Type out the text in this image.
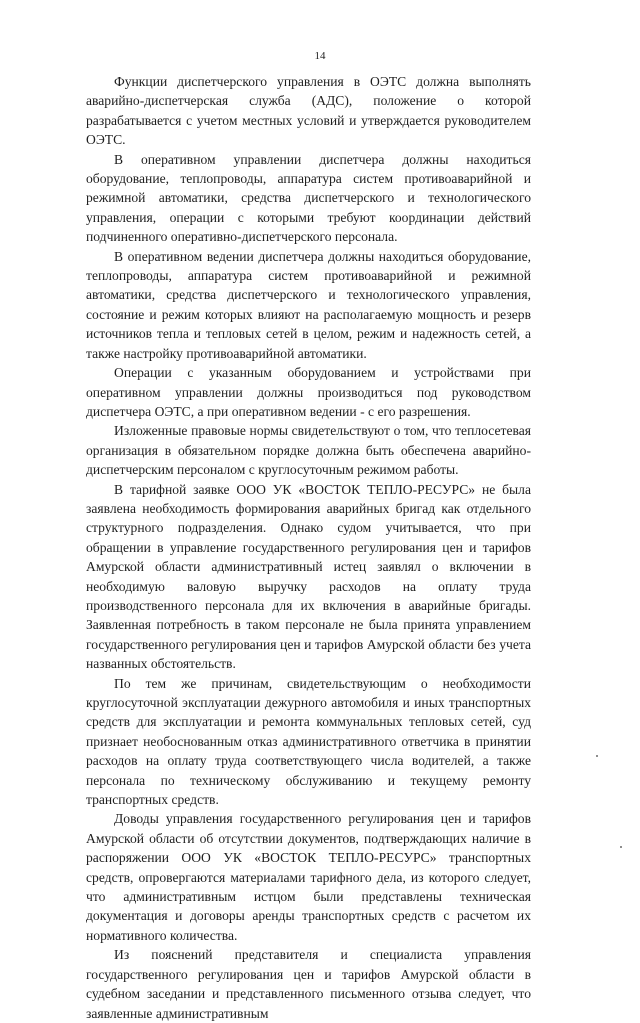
14

Функции диспетчерского управления в ОЭТС должна выполнять аварийно-диспетчерская служба (АДС), положение о которой разрабатывается с учетом местных условий и утверждается руководителем ОЭТС.

В оперативном управлении диспетчера должны находиться оборудование, теплопроводы, аппаратура систем противоаварийной и режимной автоматики, средства диспетчерского и технологического управления, операции с которыми требуют координации действий подчиненного оперативно-диспетчерского персонала.

В оперативном ведении диспетчера должны находиться оборудование, теплопроводы, аппаратура систем противоаварийной и режимной автоматики, средства диспетчерского и технологического управления, состояние и режим которых влияют на располагаемую мощность и резерв источников тепла и тепловых сетей в целом, режим и надежность сетей, а также настройку противоаварийной автоматики.

Операции с указанным оборудованием и устройствами при оперативном управлении должны производиться под руководством диспетчера ОЭТС, а при оперативном ведении - с его разрешения.

Изложенные правовые нормы свидетельствуют о том, что теплосетевая организация в обязательном порядке должна быть обеспечена аварийно-диспетчерским персоналом с круглосуточным режимом работы.

В тарифной заявке ООО УК «ВОСТОК ТЕПЛО-РЕСУРС» не была заявлена необходимость формирования аварийных бригад как отдельного структурного подразделения. Однако судом учитывается, что при обращении в управление государственного регулирования цен и тарифов Амурской области административный истец заявлял о включении в необходимую валовую выручку расходов на оплату труда производственного персонала для их включения в аварийные бригады. Заявленная потребность в таком персонале не была принята управлением государственного регулирования цен и тарифов Амурской области без учета названных обстоятельств.

По тем же причинам, свидетельствующим о необходимости круглосуточной эксплуатации дежурного автомобиля и иных транспортных средств для эксплуатации и ремонта коммунальных тепловых сетей, суд признает необоснованным отказ административного ответчика в принятии расходов на оплату труда соответствующего числа водителей, а также персонала по техническому обслуживанию и текущему ремонту транспортных средств.

Доводы управления государственного регулирования цен и тарифов Амурской области об отсутствии документов, подтверждающих наличие в распоряжении ООО УК «ВОСТОК ТЕПЛО-РЕСУРС» транспортных средств, опровергаются материалами тарифного дела, из которого следует, что административным истцом были представлены техническая документация и договоры аренды транспортных средств с расчетом их нормативного количества.

Из пояснений представителя и специалиста управления государственного регулирования цен и тарифов Амурской области в судебном заседании и представленного письменного отзыва следует, что заявленные административным
